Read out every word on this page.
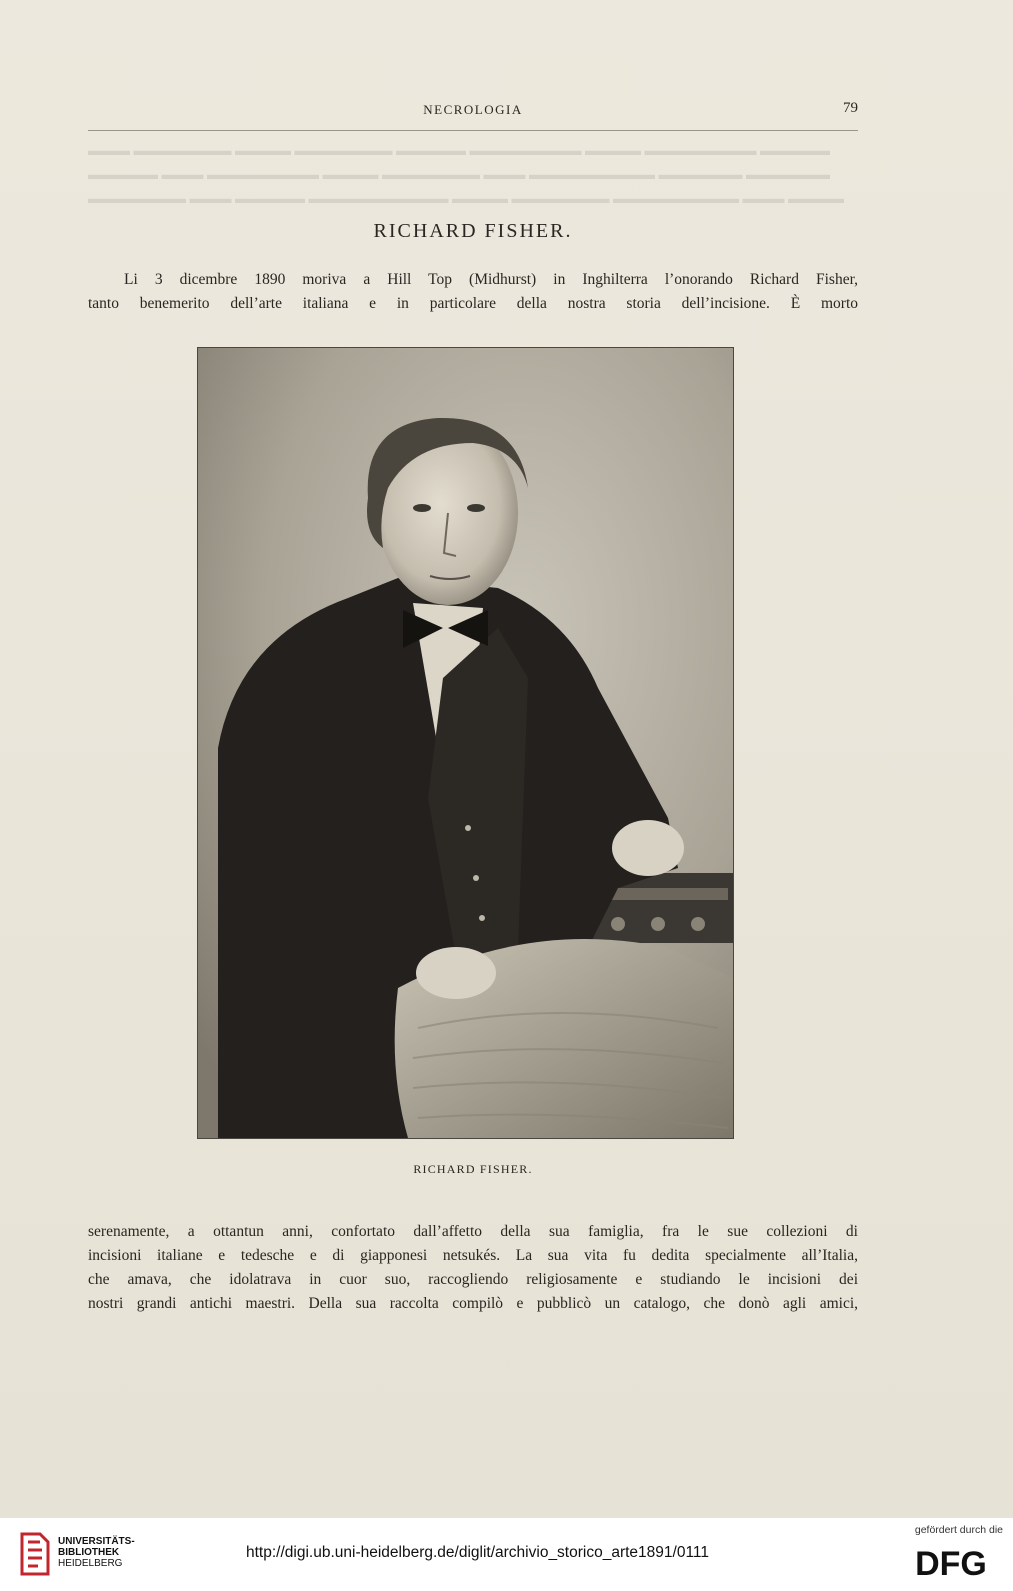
▬▬▬ ▬▬▬▬▬▬▬ ▬▬▬▬ ▬▬▬▬▬▬▬ ▬▬▬▬▬ ▬▬▬▬▬▬▬▬ ▬▬▬▬ ▬▬▬▬▬▬▬▬ ▬▬▬▬▬
▬▬▬▬▬ ▬▬▬ ▬▬▬▬▬▬▬▬ ▬▬▬▬ ▬▬▬▬▬▬▬ ▬▬▬ ▬▬▬▬▬▬▬▬▬ ▬▬▬▬▬▬ ▬▬▬▬▬▬
▬▬▬▬▬▬▬ ▬▬▬ ▬▬▬▬▬ ▬▬▬▬▬▬▬▬▬▬ ▬▬▬▬ ▬▬▬▬▬▬▬ ▬▬▬▬▬▬▬▬▬ ▬▬▬ ▬▬▬▬
NECROLOGIA	79
RICHARD FISHER.
Li 3 dicembre 1890 moriva a Hill Top (Midhurst) in Inghilterra l’onorando Richard Fisher,
tanto benemerito dell’arte italiana e in particolare della nostra storia dell’incisione. È morto
RICHARD FISHER.
serenamente, a ottantun anni, confortato dall’affetto della sua famiglia, fra le sue collezioni di
incisioni italiane e tedesche e di giapponesi netsukés. La sua vita fu dedita specialmente all’Italia,
che amava, che idolatrava in cuor suo, raccogliendo religiosamente e studiando le incisioni dei
nostri grandi antichi maestri. Della sua raccolta compilò e pubblicò un catalogo, che donò agli amici,
UNIVERSITÄTS-
BIBLIOTHEK
HEIDELBERG
http://digi.ub.uni-heidelberg.de/diglit/archivio_storico_arte1891/0111
gefördert durch die
DFG
